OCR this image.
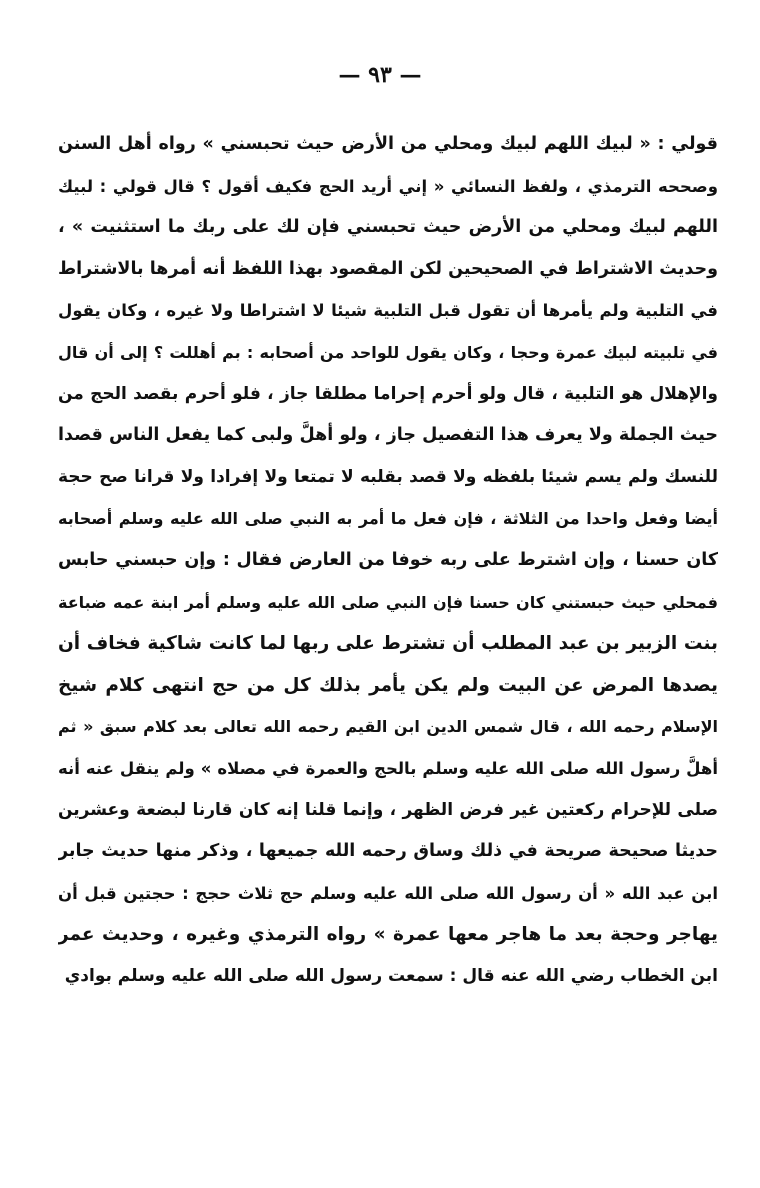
— ٩٣ —
قولي : « لبيك اللهم لبيك ومحلي من الأرض حيث تحبسني » رواه أهل السنن
وصححه الترمذي ، ولفظ النسائي « إني أريد الحج فكيف أقول ؟ قال قولي : لبيك
اللهم لبيك ومحلي من الأرض حيث تحبسني فإن لك على ربك ما استثنيت » ،
وحديث الاشتراط في الصحيحين لكن المقصود بهذا اللفظ أنه أمرها بالاشتراط
في التلبية ولم يأمرها أن تقول قبل التلبية شيئا لا اشتراطا ولا غيره ، وكان يقول
في تلبيته لبيك عمرة وحجا ، وكان يقول للواحد من أصحابه : بم أهللت ؟ إلى أن قال
والإهلال هو التلبية ، قال ولو أحرم إحراما مطلقا جاز ، فلو أحرم بقصد الحج من
حيث الجملة ولا يعرف هذا التفصيل جاز ، ولو أهلَّ ولبى كما يفعل الناس قصدا
للنسك ولم يسم شيئا بلفظه ولا قصد بقلبه لا تمتعا ولا إفرادا ولا قرانا صح حجة
أيضا وفعل واحدا من الثلاثة ، فإن فعل ما أمر به النبي صلى الله عليه وسلم أصحابه
كان حسنا ، وإن اشترط على ربه خوفا من العارض فقال : وإن حبسني حابس
فمحلي حيث حبستني كان حسنا فإن النبي صلى الله عليه وسلم أمر ابنة عمه ضباعة
بنت الزبير بن عبد المطلب أن تشترط على ربها لما كانت شاكية فخاف أن
يصدها المرض عن البيت ولم يكن يأمر بذلك كل من حج انتهى كلام شيخ
الإسلام رحمه الله ، قال شمس الدين ابن القيم رحمه الله تعالى بعد كلام سبق « ثم
أهلَّ رسول الله صلى الله عليه وسلم بالحج والعمرة في مصلاه » ولم ينقل عنه أنه
صلى للإحرام ركعتين غير فرض الظهر ، وإنما قلنا إنه كان قارنا لبضعة وعشرين
حديثا صحيحة صريحة في ذلك وساق رحمه الله جميعها ، وذكر منها حديث جابر
ابن عبد الله « أن رسول الله صلى الله عليه وسلم حج ثلاث حجج : حجتين قبل أن
يهاجر وحجة بعد ما هاجر معها عمرة » رواه الترمذي وغيره ، وحديث عمر
ابن الخطاب رضي الله عنه قال : سمعت رسول الله صلى الله عليه وسلم بوادي
